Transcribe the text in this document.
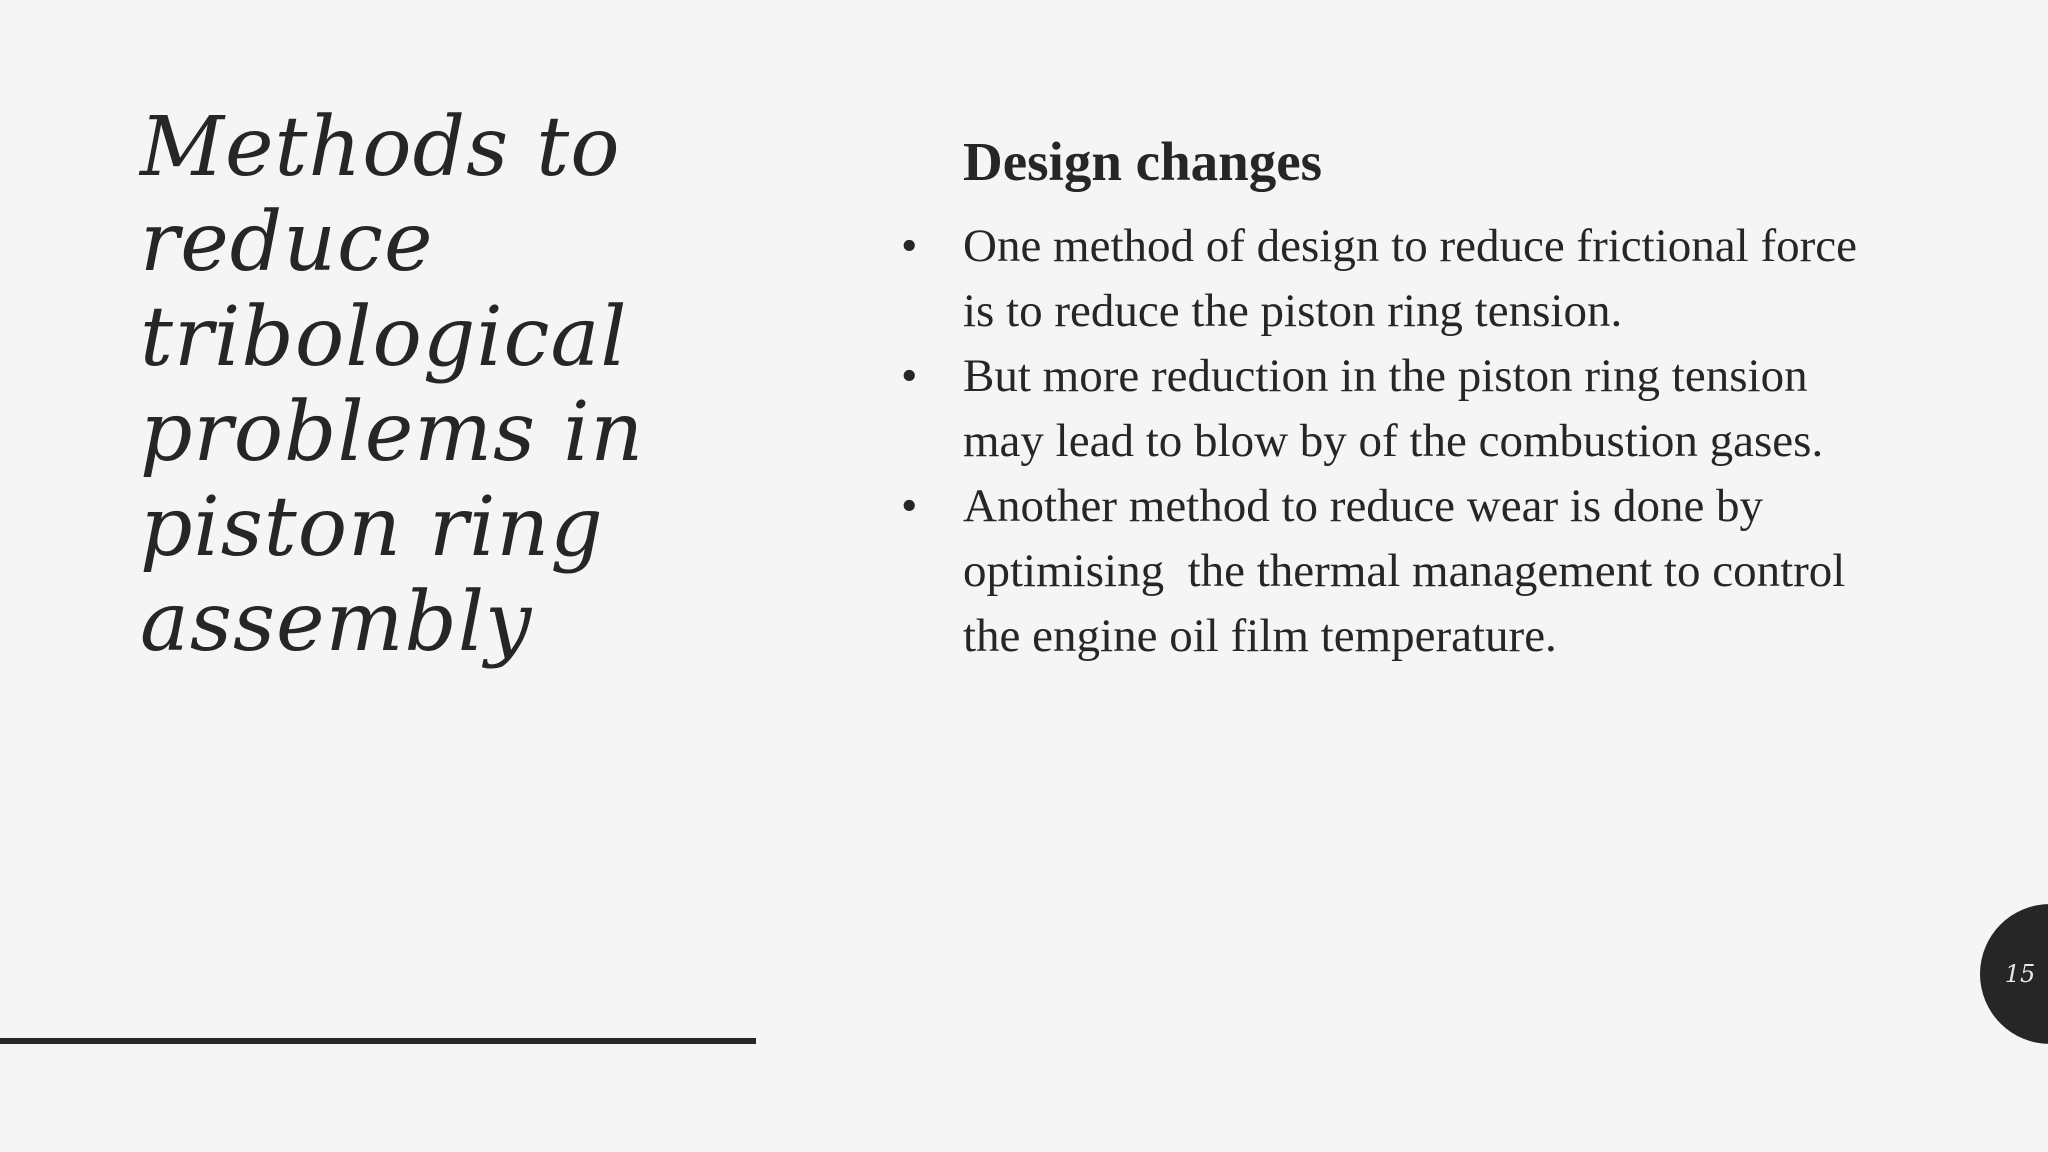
Methods to
reduce
tribological
problems in
piston ring
assembly
Design changes
• One method of design to reduce frictional force
is to reduce the piston ring tension.
• But more reduction in the piston ring tension
may lead to blow by of the combustion gases.
• Another method to reduce wear is done by
optimising  the thermal management to control
the engine oil film temperature.
15
